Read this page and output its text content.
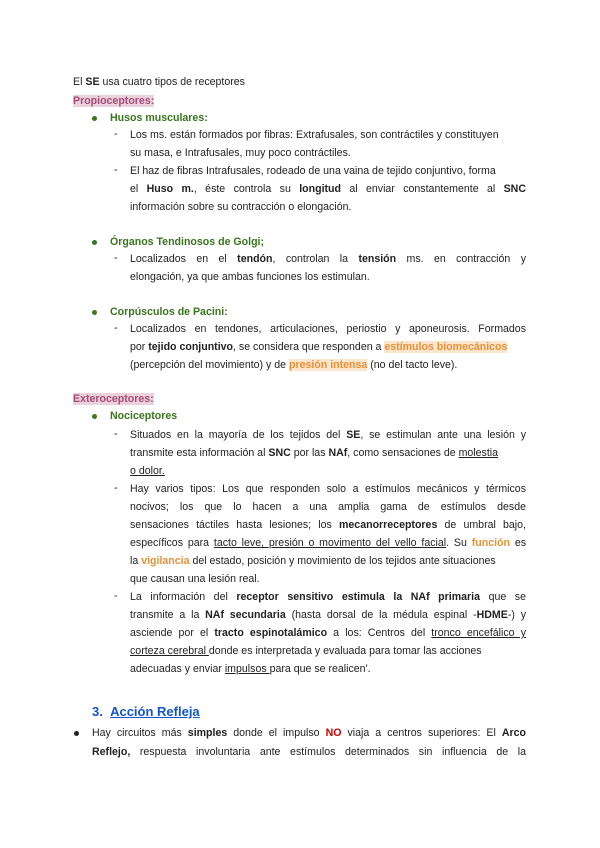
El SE usa cuatro tipos de receptores
Propioceptores:
Husos musculares:
- Los ms. están formados por fibras: Extrafusales, son contráctiles y constituyen
su masa, e Intrafusales, muy poco contráctiles.
- El haz de fibras Intrafusales, rodeado de una vaina de tejido conjuntivo, forma
el Huso m., éste controla su longitud al enviar constantemente al SNC
información sobre su contracción o elongación.
Órganos Tendinosos de Golgi;
- Localizados en el tendón, controlan la tensión ms. en contracción y
elongación, ya que ambas funciones los estimulan.
Corpúsculos de Pacini:
- Localizados en tendones, articulaciones, periostio y aponeurosis. Formados
por tejido conjuntivo, se considera que responden a estímulos biomecánicos
(percepción del movimiento) y de presión intensa (no del tacto leve).
Exteroceptores:
Nociceptores
- Situados en la mayoría de los tejidos del SE, se estimulan ante una lesión y
transmite esta información al SNC por las NAf, como sensaciones de molestia
o dolor.
- Hay varios tipos: Los que responden solo a estímulos mecánicos y térmicos
nocivos; los que lo hacen a una amplia gama de estímulos desde
sensaciones táctiles hasta lesiones; los mecanorreceptores de umbral bajo,
específicos para tacto leve, presión o movimento del vello facial. Su función es
la vigilancia del estado, posición y movimiento de los tejidos ante situaciones
que causan una lesión real.
- La información del receptor sensitivo estimula la NAf primaria que se
transmite a la NAf secundaria (hasta dorsal de la médula espinal -HDME-) y
asciende por el tracto espinotalámico a los: Centros del tronco encefálico y
corteza cerebral donde es interpretada y evaluada para tomar las acciones
adecuadas y enviar impulsos para que se realicen'.
3. Acción Refleja
Hay circuitos más simples donde el impulso NO viaja a centros superiores: El Arco
Reflejo, respuesta involuntaria ante estímulos determinados sin influencia de la
